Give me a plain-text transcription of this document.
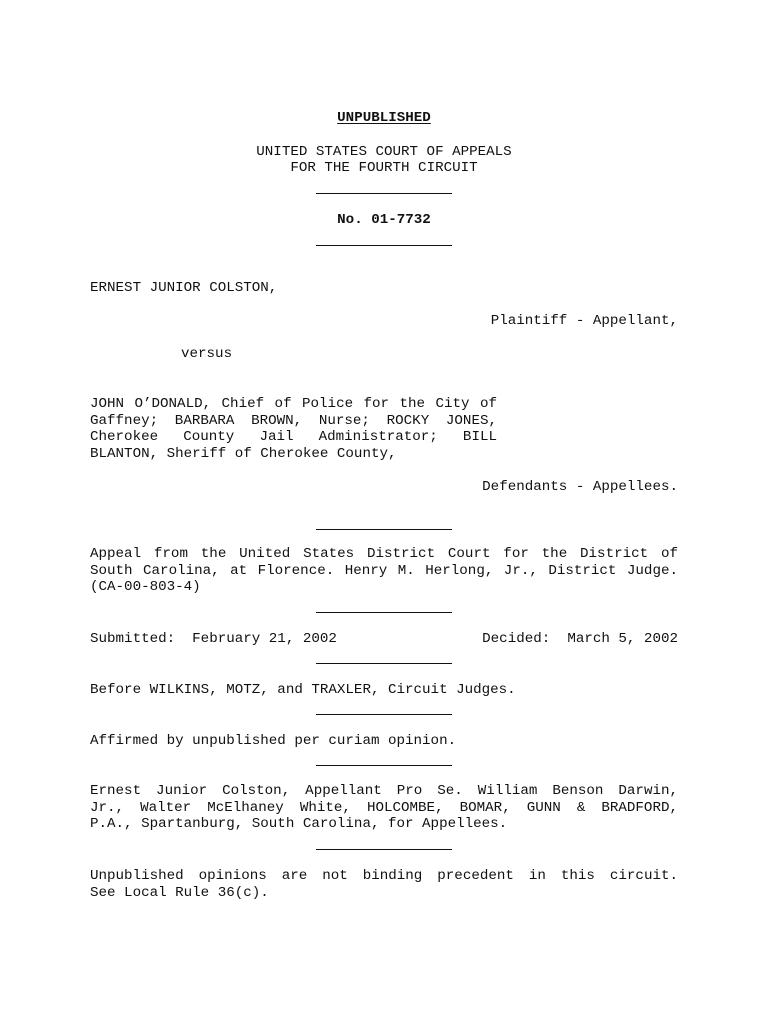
UNPUBLISHED
UNITED STATES COURT OF APPEALS
FOR THE FOURTH CIRCUIT
No. 01-7732
ERNEST JUNIOR COLSTON,
Plaintiff - Appellant,
versus
JOHN O’DONALD, Chief of Police for the City of
Gaffney; BARBARA BROWN, Nurse; ROCKY JONES,
Cherokee County Jail Administrator; BILL
BLANTON, Sheriff of Cherokee County,
Defendants - Appellees.
Appeal from the United States District Court for the District of
South Carolina, at Florence. Henry M. Herlong, Jr., District Judge.
(CA-00-803-4)
Submitted: February 21, 2002	Decided: March 5, 2002
Before WILKINS, MOTZ, and TRAXLER, Circuit Judges.
Affirmed by unpublished per curiam opinion.
Ernest Junior Colston, Appellant Pro Se. William Benson Darwin,
Jr., Walter McElhaney White, HOLCOMBE, BOMAR, GUNN & BRADFORD,
P.A., Spartanburg, South Carolina, for Appellees.
Unpublished opinions are not binding precedent in this circuit.
See Local Rule 36(c).
